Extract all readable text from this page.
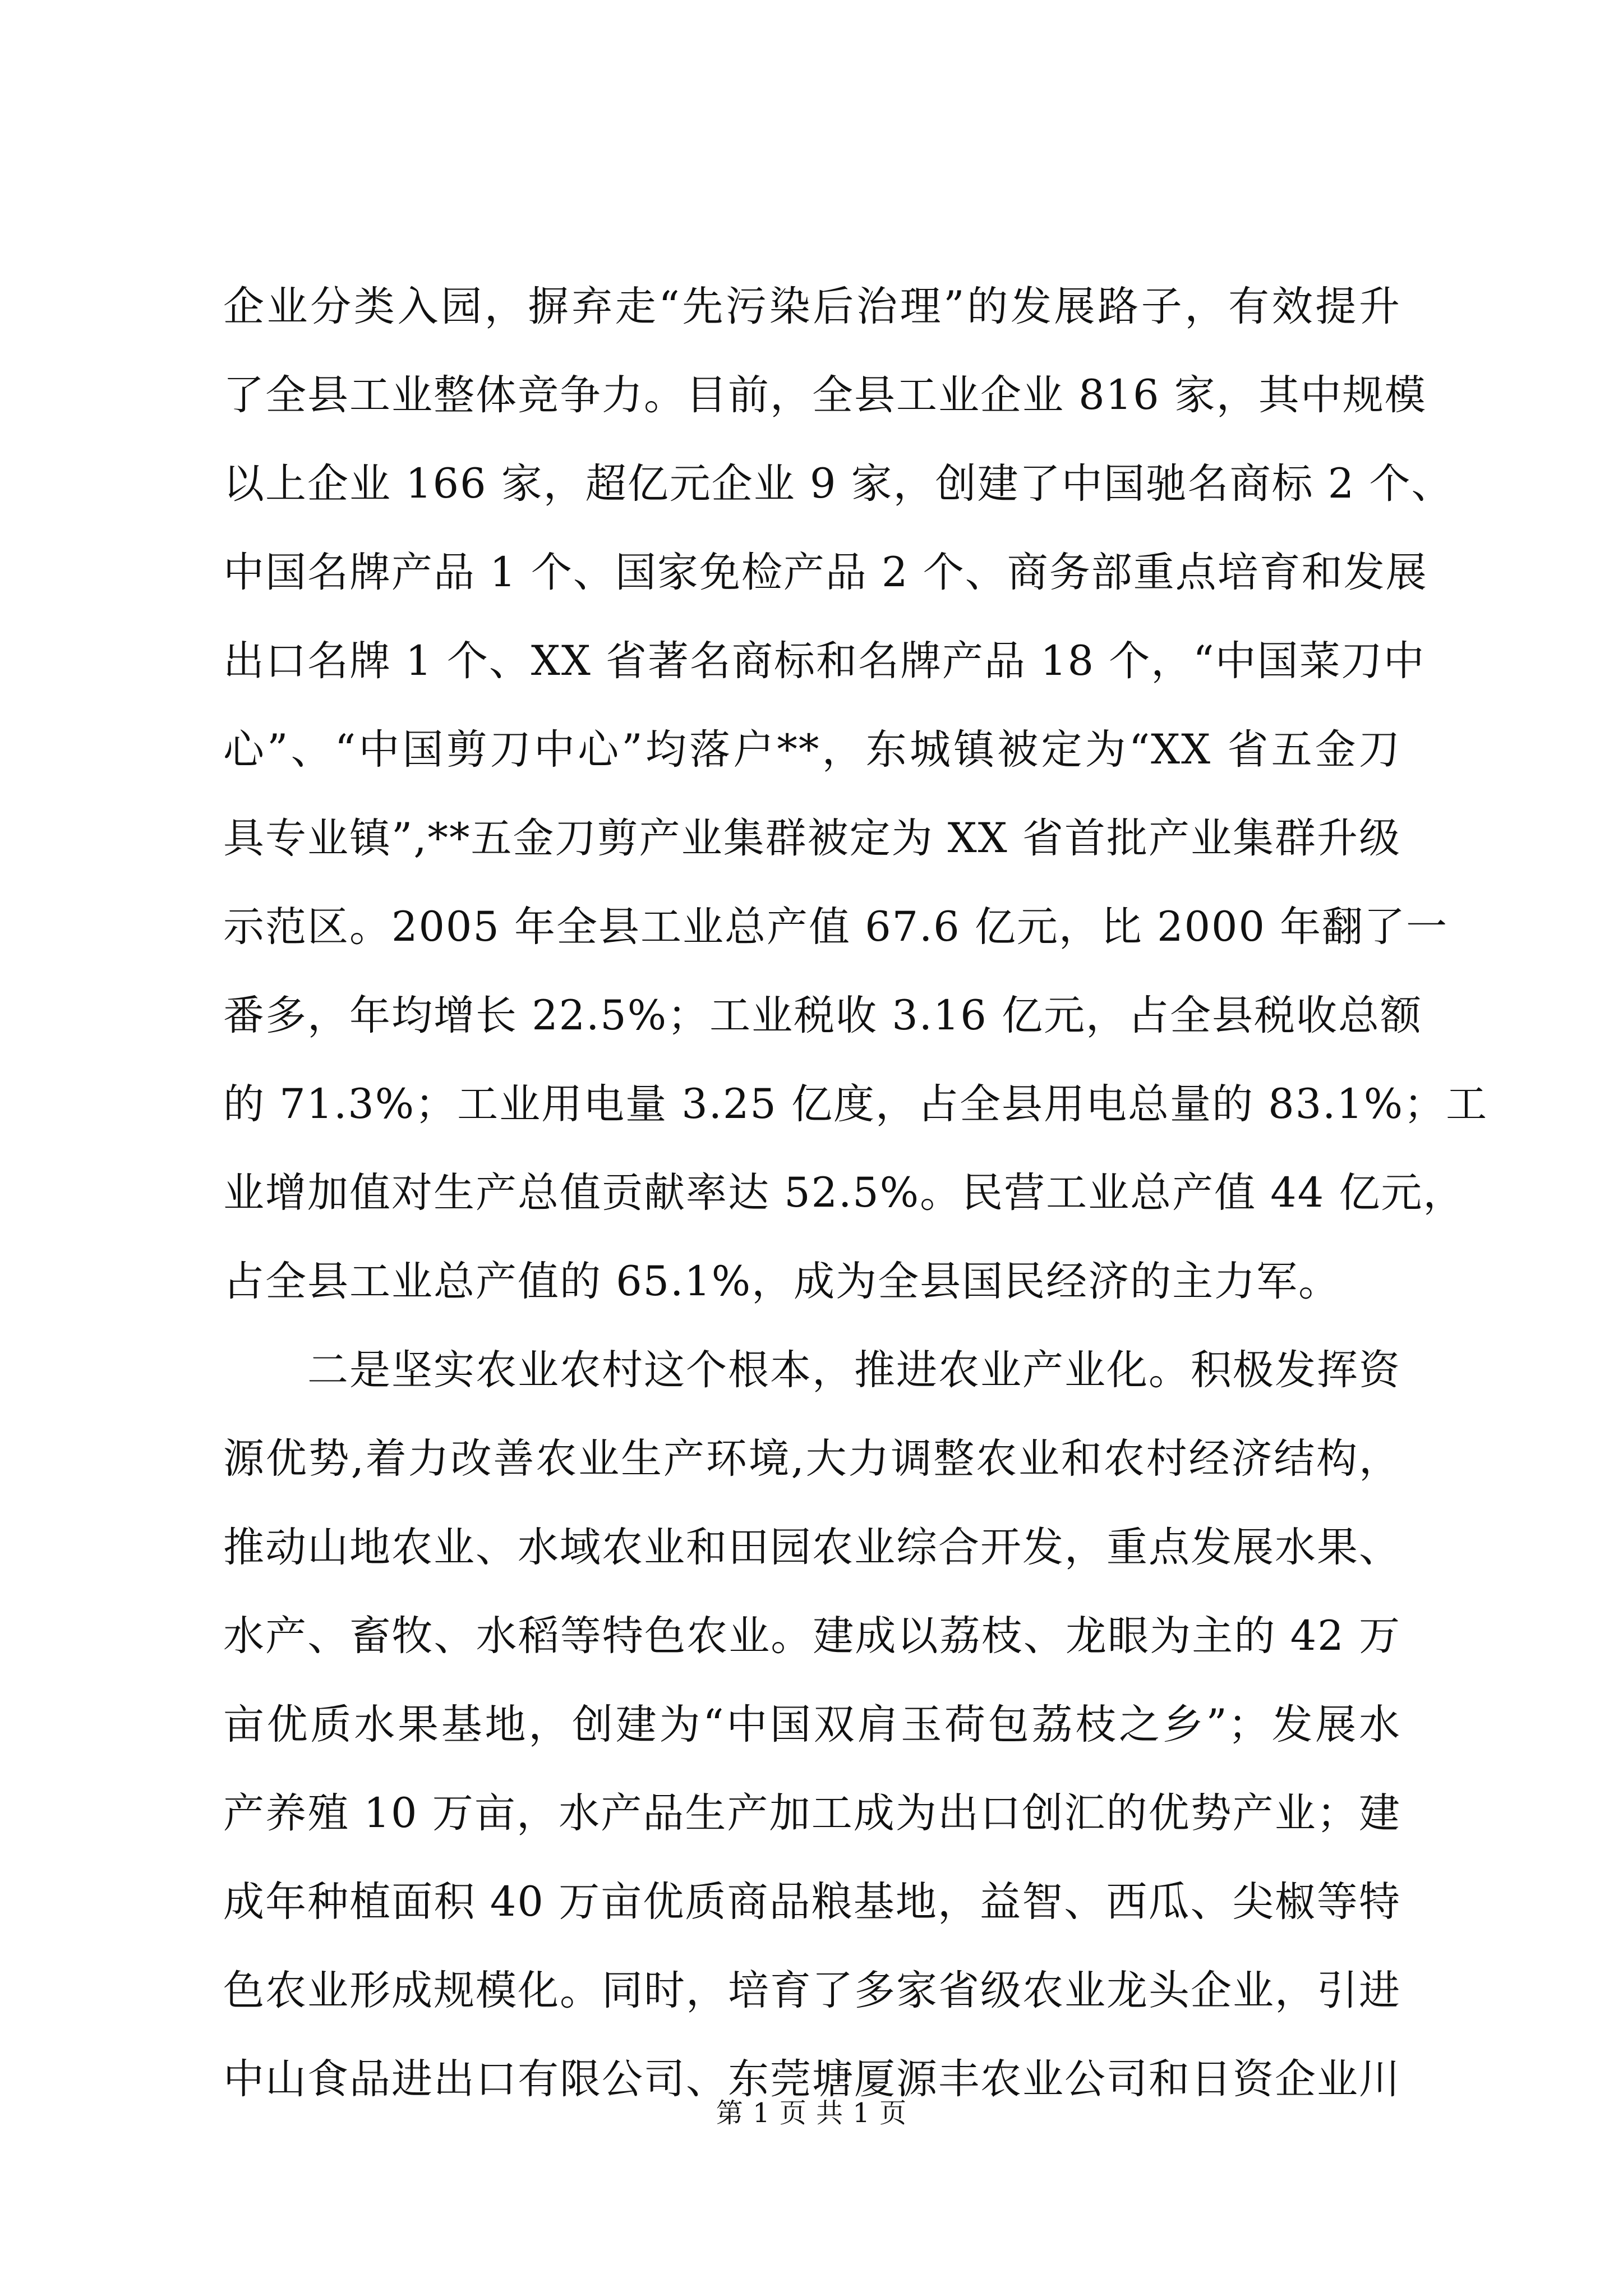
企业分类入园，摒弃走“先污染后治理”的发展路子，有效提升
了全县工业整体竞争力。目前，全县工业企业 816 家，其中规模
以上企业 166 家，超亿元企业 9 家，创建了中国驰名商标 2 个、
中国名牌产品 1 个、国家免检产品 2 个、商务部重点培育和发展
出口名牌 1 个、XX 省著名商标和名牌产品 18 个，“中国菜刀中
心”、“中国剪刀中心”均落户**，东城镇被定为“XX 省五金刀
具专业镇”,**五金刀剪产业集群被定为 XX 省首批产业集群升级
示范区。2005 年全县工业总产值 67.6 亿元，比 2000 年翻了一
番多，年均增长 22.5%；工业税收 3.16 亿元，占全县税收总额
的 71.3%；工业用电量 3.25 亿度，占全县用电总量的 83.1%；工
业增加值对生产总值贡献率达 52.5%。民营工业总产值 44 亿元，
占全县工业总产值的 65.1%，成为全县国民经济的主力军。
二是坚实农业农村这个根本，推进农业产业化。积极发挥资
源优势,着力改善农业生产环境,大力调整农业和农村经济结构，
推动山地农业、水域农业和田园农业综合开发，重点发展水果、
水产、畜牧、水稻等特色农业。建成以荔枝、龙眼为主的 42 万
亩优质水果基地，创建为“中国双肩玉荷包荔枝之乡”；发展水
产养殖 10 万亩，水产品生产加工成为出口创汇的优势产业；建
成年种植面积 40 万亩优质商品粮基地，益智、西瓜、尖椒等特
色农业形成规模化。同时，培育了多家省级农业龙头企业，引进
中山食品进出口有限公司、东莞塘厦源丰农业公司和日资企业川
第 1 页 共 1 页
